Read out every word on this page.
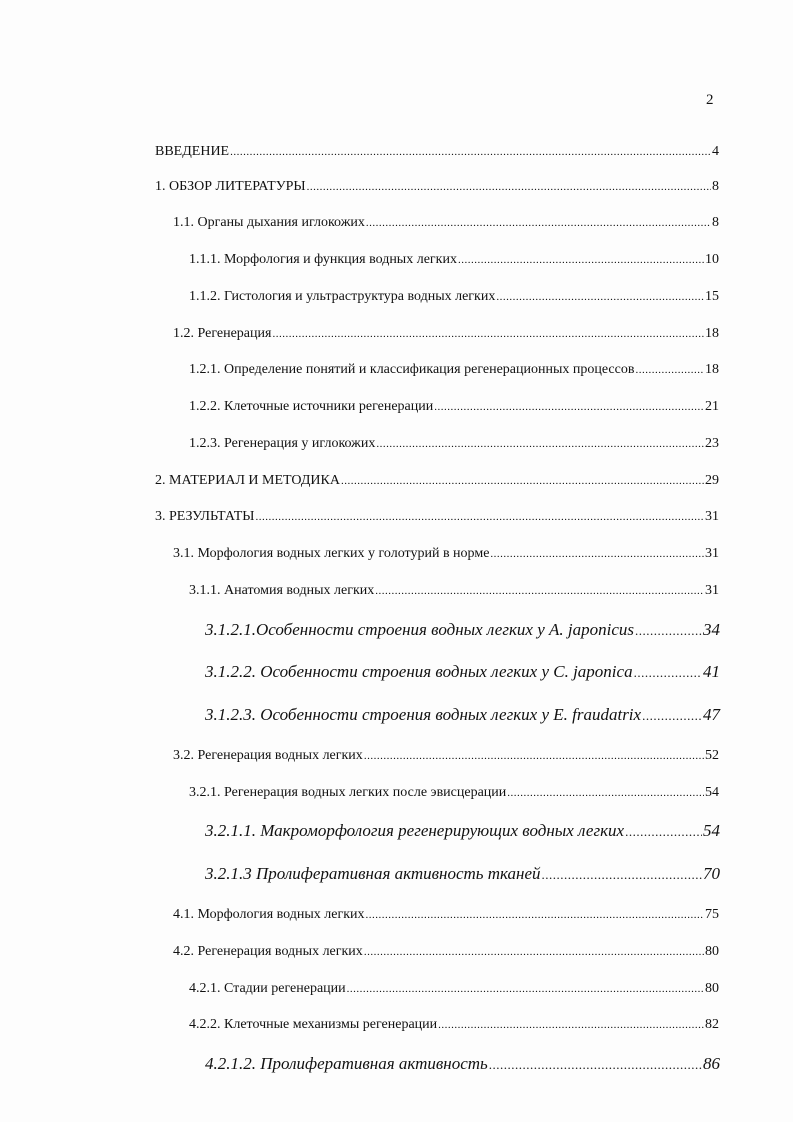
2
ВВЕДЕНИЕ .....	4
1. ОБЗОР ЛИТЕРАТУРЫ .....	8
1.1. Органы дыхания иглокожих .....	8
1.1.1. Морфология и функция водных легких .....	10
1.1.2. Гистология и ультраструктура водных легких .....	15
1.2. Регенерация .....	18
1.2.1. Определение понятий и классификация регенерационных процессов .....	18
1.2.2. Клеточные источники регенерации .....	21
1.2.3. Регенерация у иглокожих .....	23
2. МАТЕРИАЛ И МЕТОДИКА .....	29
3. РЕЗУЛЬТАТЫ .....	31
3.1. Морфология водных легких у голотурий в норме .....	31
3.1.1. Анатомия водных легких .....	31
3.1.2.1.Особенности строения водных легких у A. japonicus .....	34
3.1.2.2. Особенности строения водных легких у C. japonica .....	41
3.1.2.3. Особенности строения водных легких у E. fraudatrix .....	47
3.2. Регенерация водных легких .....	52
3.2.1. Регенерация водных легких после эвисцерации .....	54
3.2.1.1. Макроморфология регенерирующих водных легких .....	54
3.2.1.3 Пролиферативная активность тканей .....	70
4.1. Морфология водных легких .....	75
4.2. Регенерация водных легких .....	80
4.2.1. Стадии регенерации .....	80
4.2.2. Клеточные механизмы регенерации .....	82
4.2.1.2. Пролиферативная активность .....	86
